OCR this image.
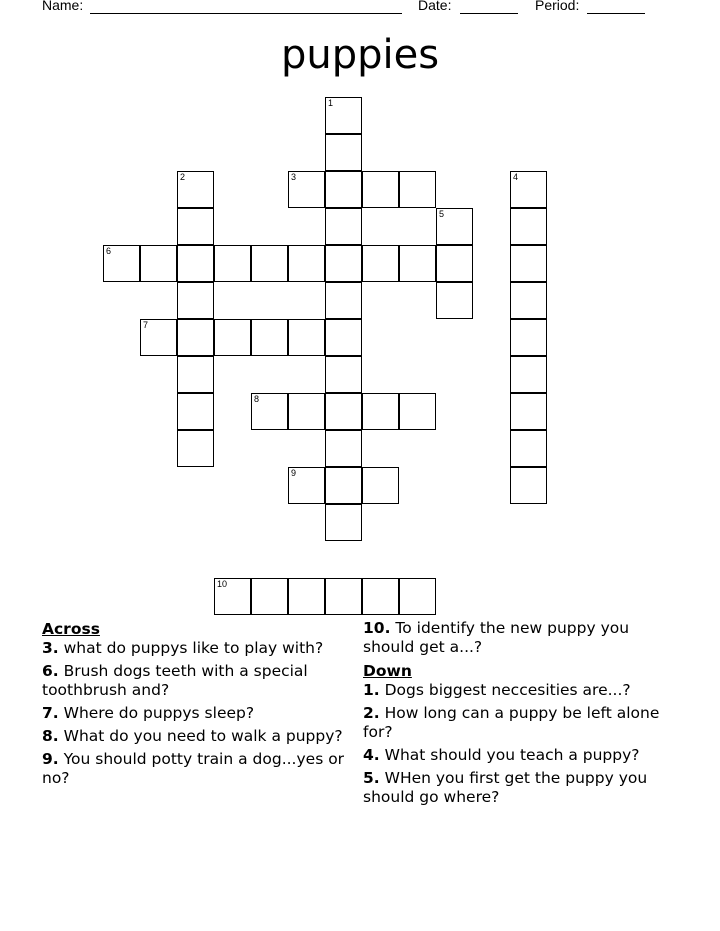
Name:	Date:	Period:
puppies
1
2	3	4
5
6
7
8
9
10
Across
3. what do puppys like to play with?
6. Brush dogs teeth with a special toothbrush and?
7. Where do puppys sleep?
8. What do you need to walk a puppy?
9. You should potty train a dog...yes or no?
10. To identify the new puppy you should get a...?
Down
1. Dogs biggest neccesities are...?
2. How long can a puppy be left alone for?
4. What should you teach a puppy?
5. WHen you first get the puppy you should go where?
